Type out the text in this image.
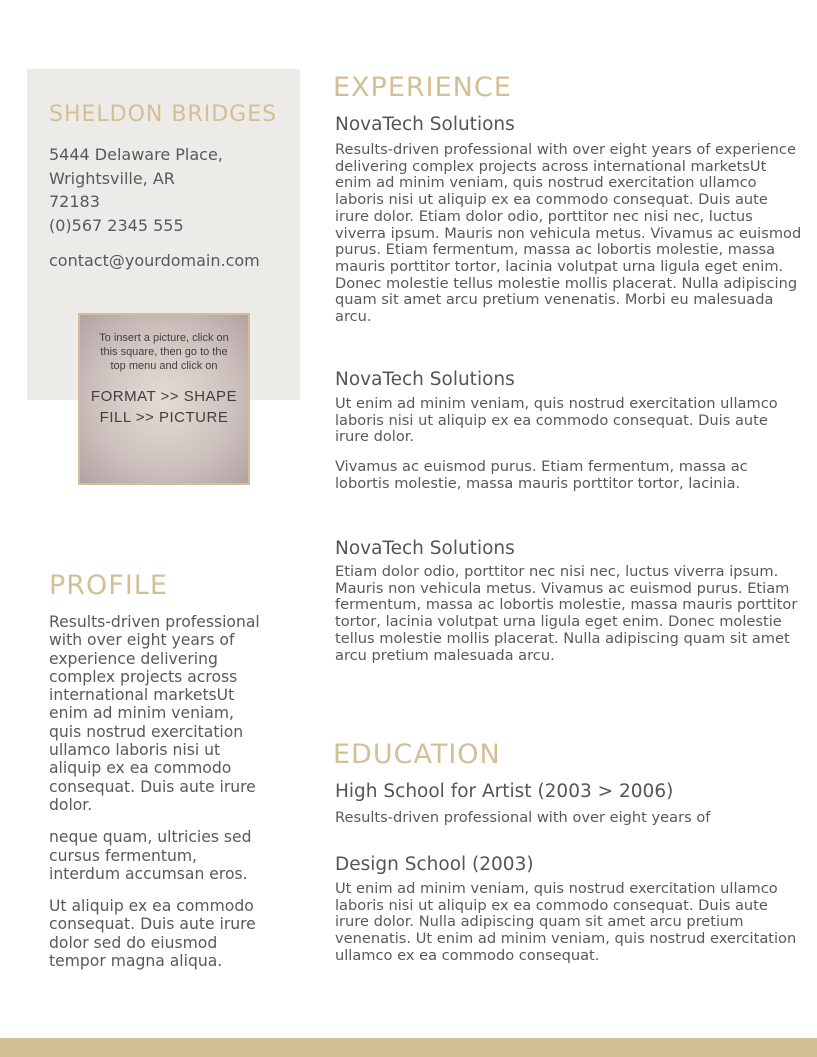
SHELDON BRIDGES
5444 Delaware Place,
Wrightsville, AR
72183
(0)567 2345 555
contact@yourdomain.com
To insert a picture, click on this square, then go to the top menu and click on
FORMAT >> SHAPE FILL >> PICTURE
PROFILE

Results-driven professional with over eight years of experience delivering complex projects across international marketsUt enim ad minim veniam, quis nostrud exercitation ullamco laboris nisi ut aliquip ex ea commodo consequat. Duis aute irure dolor.

neque quam, ultricies sed cursus fermentum, interdum accumsan eros.

Ut aliquip ex ea commodo consequat. Duis aute irure dolor sed do eiusmod tempor magna aliqua.

EXPERIENCE
NovaTech Solutions

Results-driven professional with over eight years of experience delivering complex projects across international marketsUt enim ad minim veniam, quis nostrud exercitation ullamco laboris nisi ut aliquip ex ea commodo consequat. Duis aute irure dolor. Etiam dolor odio, porttitor nec nisi nec, luctus viverra ipsum. Mauris non vehicula metus. Vivamus ac euismod purus. Etiam fermentum, massa ac lobortis molestie, massa mauris porttitor tortor, lacinia volutpat urna ligula eget enim. Donec molestie tellus molestie mollis placerat. Nulla adipiscing quam sit amet arcu pretium venenatis. Morbi eu malesuada arcu.

NovaTech Solutions

Ut enim ad minim veniam, quis nostrud exercitation ullamco laboris nisi ut aliquip ex ea commodo consequat. Duis aute irure dolor.

Vivamus ac euismod purus. Etiam fermentum, massa ac lobortis molestie, massa mauris porttitor tortor, lacinia.

NovaTech Solutions

Etiam dolor odio, porttitor nec nisi nec, luctus viverra ipsum. Mauris non vehicula metus. Vivamus ac euismod purus. Etiam fermentum, massa ac lobortis molestie, massa mauris porttitor tortor, lacinia volutpat urna ligula eget enim. Donec molestie tellus molestie mollis placerat. Nulla adipiscing quam sit amet arcu pretium malesuada arcu.

EDUCATION
High School for Artist (2003 > 2006)

Results-driven professional with over eight years of

Design School (2003)

Ut enim ad minim veniam, quis nostrud exercitation ullamco laboris nisi ut aliquip ex ea commodo consequat. Duis aute irure dolor. Nulla adipiscing quam sit amet arcu pretium venenatis. Ut enim ad minim veniam, quis nostrud exercitation ullamco ex ea commodo consequat.
